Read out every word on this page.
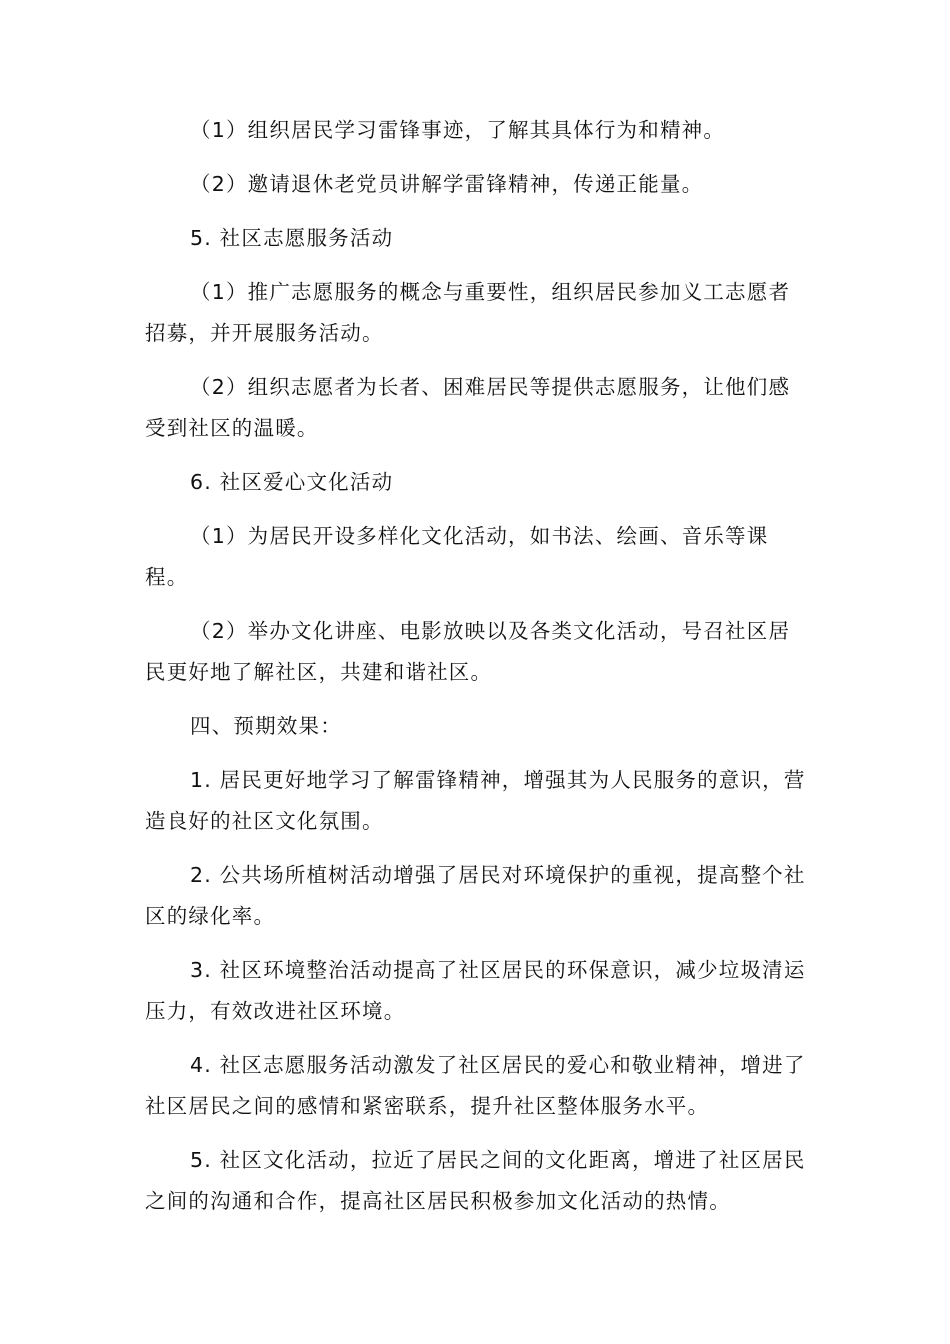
（1）组织居民学习雷锋事迹，了解其具体行为和精神。

（2）邀请退休老党员讲解学雷锋精神，传递正能量。

5. 社区志愿服务活动

（1）推广志愿服务的概念与重要性，组织居民参加义工志愿者招募，并开展服务活动。

（2）组织志愿者为长者、困难居民等提供志愿服务，让他们感受到社区的温暖。

6. 社区爱心文化活动

（1）为居民开设多样化文化活动，如书法、绘画、音乐等课程。

（2）举办文化讲座、电影放映以及各类文化活动，号召社区居民更好地了解社区，共建和谐社区。

四、预期效果：

1. 居民更好地学习了解雷锋精神，增强其为人民服务的意识，营造良好的社区文化氛围。

2. 公共场所植树活动增强了居民对环境保护的重视，提高整个社区的绿化率。

3. 社区环境整治活动提高了社区居民的环保意识，减少垃圾清运压力，有效改进社区环境。

4. 社区志愿服务活动激发了社区居民的爱心和敬业精神，增进了社区居民之间的感情和紧密联系，提升社区整体服务水平。

5. 社区文化活动，拉近了居民之间的文化距离，增进了社区居民之间的沟通和合作，提高社区居民积极参加文化活动的热情。
